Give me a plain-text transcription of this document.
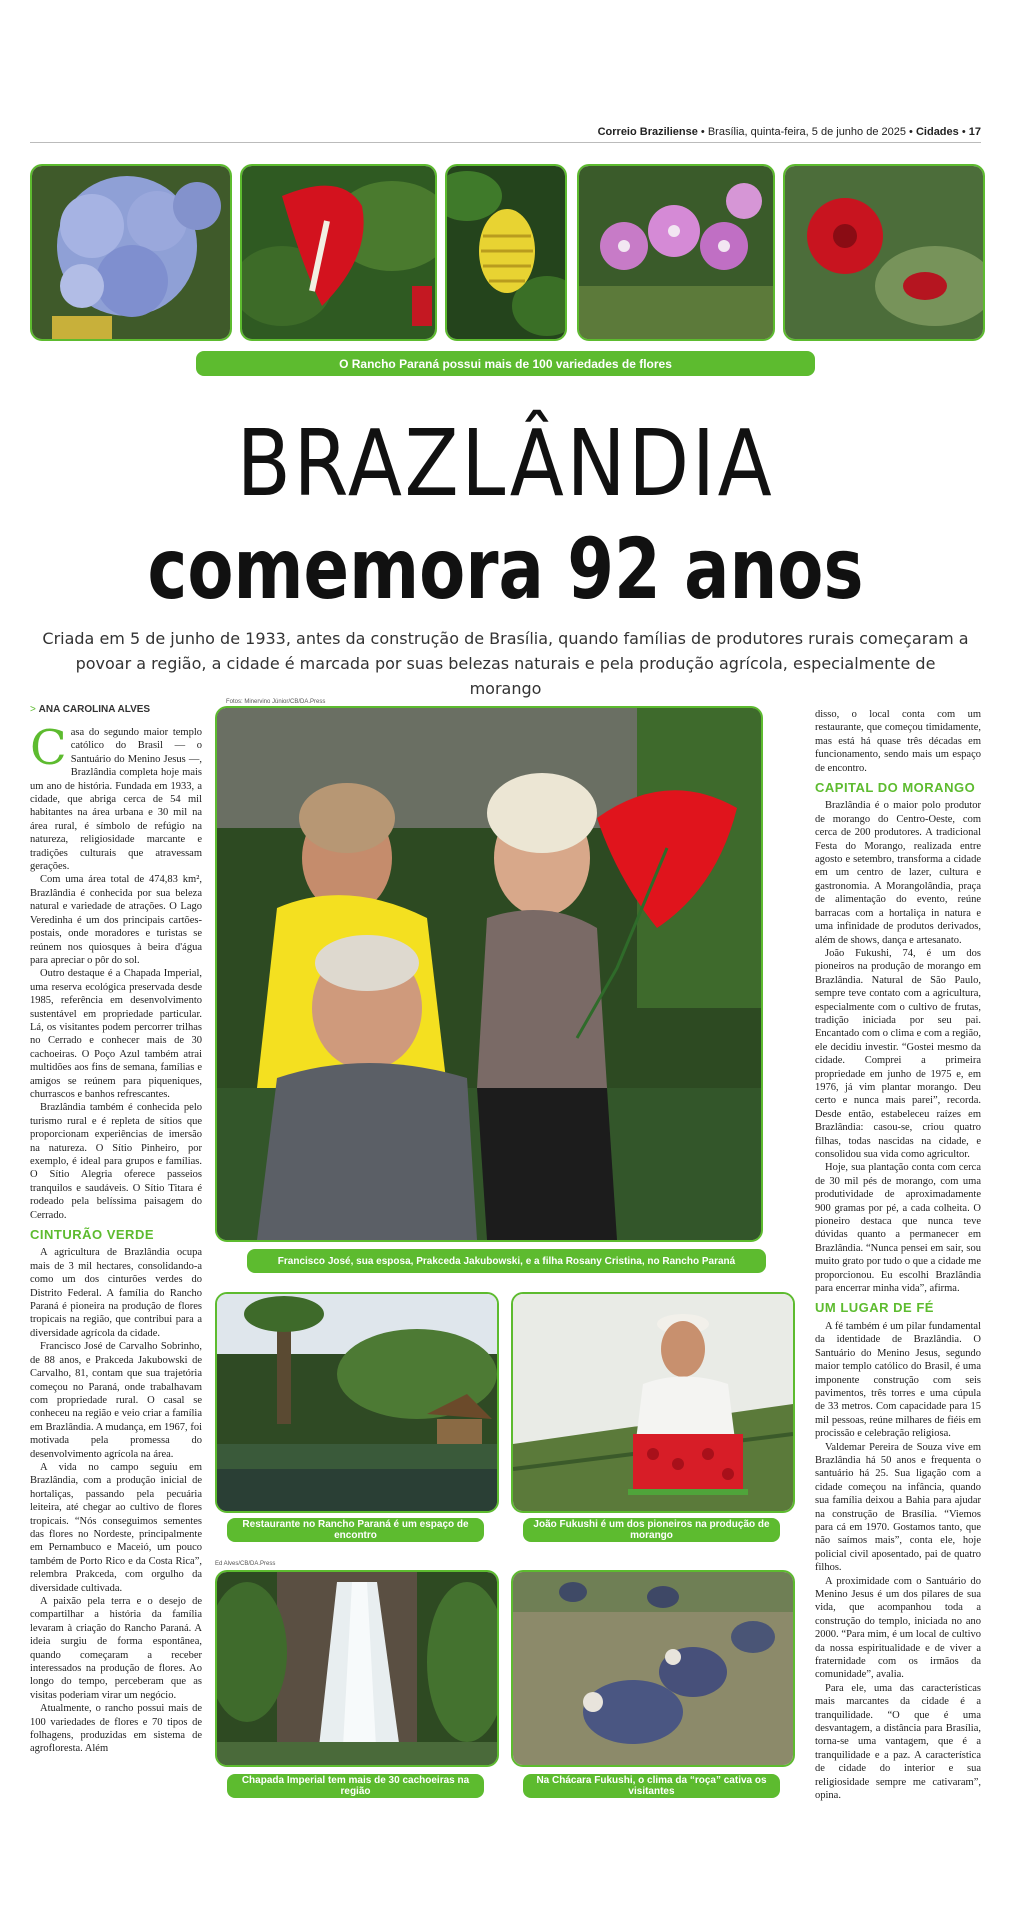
Correio Braziliense • Brasília, quinta-feira, 5 de junho de 2025 • Cidades • 17
O Rancho Paraná possui mais de 100 variedades de flores
BRAZLÂNDIA
comemora 92 anos
Criada em 5 de junho de 1933, antes da construção de Brasília, quando famílias de produtores rurais começaram a povoar a região, a cidade é marcada por suas belezas naturais e pela produção agrícola, especialmente de morango
> ANA CAROLINA ALVES
Fotos: Minervino Júnior/CB/DA.Press
Francisco José, sua esposa, Prakceda Jakubowski, e a filha Rosany Cristina, no Rancho Paraná
Restaurante no Rancho Paraná é um espaço de encontro
João Fukushi é um dos pioneiros na produção de morango
Ed Alves/CB/DA.Press
Chapada Imperial tem mais de 30 cachoeiras na região
Na Chácara Fukushi, o clima da “roça” cativa os visitantes

Casa do segundo maior templo católico do Brasil — o Santuário do Menino Jesus —, Brazlândia completa hoje mais um ano de história. Fundada em 1933, a cidade, que abriga cerca de 54 mil habitantes na área urbana e 30 mil na área rural, é símbolo de refúgio na natureza, religiosidade marcante e tradições culturais que atravessam gerações.

Com uma área total de 474,83 km², Brazlândia é conhecida por sua beleza natural e variedade de atrações. O Lago Veredinha é um dos principais cartões-postais, onde moradores e turistas se reúnem nos quiosques à beira d'água para apreciar o pôr do sol.

Outro destaque é a Chapada Imperial, uma reserva ecológica preservada desde 1985, referência em desenvolvimento sustentável em propriedade particular. Lá, os visitantes podem percorrer trilhas no Cerrado e conhecer mais de 30 cachoeiras. O Poço Azul também atrai multidões aos fins de semana, famílias e amigos se reúnem para piqueniques, churrascos e banhos refrescantes.

Brazlândia também é conhecida pelo turismo rural e é repleta de sítios que proporcionam experiências de imersão na natureza. O Sítio Pinheiro, por exemplo, é ideal para grupos e famílias. O Sítio Alegria oferece passeios tranquilos e saudáveis. O Sítio Titara é rodeado pela belíssima paisagem do Cerrado.

CINTURÃO VERDE

A agricultura de Brazlândia ocupa mais de 3 mil hectares, consolidando-a como um dos cinturões verdes do Distrito Federal. A família do Rancho Paraná é pioneira na produção de flores tropicais na região, que contribui para a diversidade agrícola da cidade.

Francisco José de Carvalho Sobrinho, de 88 anos, e Prakceda Jakubowski de Carvalho, 81, contam que sua trajetória começou no Paraná, onde trabalhavam com propriedade rural. O casal se conheceu na região e veio criar a família em Brazlândia. A mudança, em 1967, foi motivada pela promessa do desenvolvimento agrícola na área.

A vida no campo seguiu em Brazlândia, com a produção inicial de hortaliças, passando pela pecuária leiteira, até chegar ao cultivo de flores tropicais. “Nós conseguimos sementes das flores no Nordeste, principalmente em Pernambuco e Maceió, um pouco também de Porto Rico e da Costa Rica”, relembra Prakceda, com orgulho da diversidade cultivada.

A paixão pela terra e o desejo de compartilhar a história da família levaram à criação do Rancho Paraná. A ideia surgiu de forma espontânea, quando começaram a receber interessados na produção de flores. Ao longo do tempo, perceberam que as visitas poderiam virar um negócio.

Atualmente, o rancho possui mais de 100 variedades de flores e 70 tipos de folhagens, produzidas em sistema de agrofloresta. Além

disso, o local conta com um restaurante, que começou timidamente, mas está há quase três décadas em funcionamento, sendo mais um espaço de encontro.

CAPITAL DO MORANGO

Brazlândia é o maior polo produtor de morango do Centro-Oeste, com cerca de 200 produtores. A tradicional Festa do Morango, realizada entre agosto e setembro, transforma a cidade em um centro de lazer, cultura e gastronomia. A Morangolândia, praça de alimentação do evento, reúne barracas com a hortaliça in natura e uma infinidade de produtos derivados, além de shows, dança e artesanato.

João Fukushi, 74, é um dos pioneiros na produção de morango em Brazlândia. Natural de São Paulo, sempre teve contato com a agricultura, especialmente com o cultivo de frutas, tradição iniciada por seu pai. Encantado com o clima e com a região, ele decidiu investir. “Gostei mesmo da cidade. Comprei a primeira propriedade em junho de 1975 e, em 1976, já vim plantar morango. Deu certo e nunca mais parei”, recorda. Desde então, estabeleceu raízes em Brazlândia: casou-se, criou quatro filhas, todas nascidas na cidade, e consolidou sua vida como agricultor.

Hoje, sua plantação conta com cerca de 30 mil pés de morango, com uma produtividade de aproximadamente 900 gramas por pé, a cada colheita. O pioneiro destaca que nunca teve dúvidas quanto a permanecer em Brazlândia. “Nunca pensei em sair, sou muito grato por tudo o que a cidade me proporcionou. Eu escolhi Brazlândia para encerrar minha vida”, afirma.

UM LUGAR DE FÉ

A fé também é um pilar fundamental da identidade de Brazlândia. O Santuário do Menino Jesus, segundo maior templo católico do Brasil, é uma imponente construção com seis pavimentos, três torres e uma cúpula de 33 metros. Com capacidade para 15 mil pessoas, reúne milhares de fiéis em procissão e celebração religiosa.

Valdemar Pereira de Souza vive em Brazlândia há 50 anos e frequenta o santuário há 25. Sua ligação com a cidade começou na infância, quando sua família deixou a Bahia para ajudar na construção de Brasília. “Viemos para cá em 1970. Gostamos tanto, que não saímos mais”, conta ele, hoje policial civil aposentado, pai de quatro filhos.

A proximidade com o Santuário do Menino Jesus é um dos pilares de sua vida, que acompanhou toda a construção do templo, iniciada no ano 2000. “Para mim, é um local de cultivo da nossa espiritualidade e de viver a fraternidade com os irmãos da comunidade”, avalia.

Para ele, uma das características mais marcantes da cidade é a tranquilidade. “O que é uma desvantagem, a distância para Brasília, torna-se uma vantagem, que é a tranquilidade e a paz. A característica de cidade do interior e sua religiosidade sempre me cativaram”, opina.
